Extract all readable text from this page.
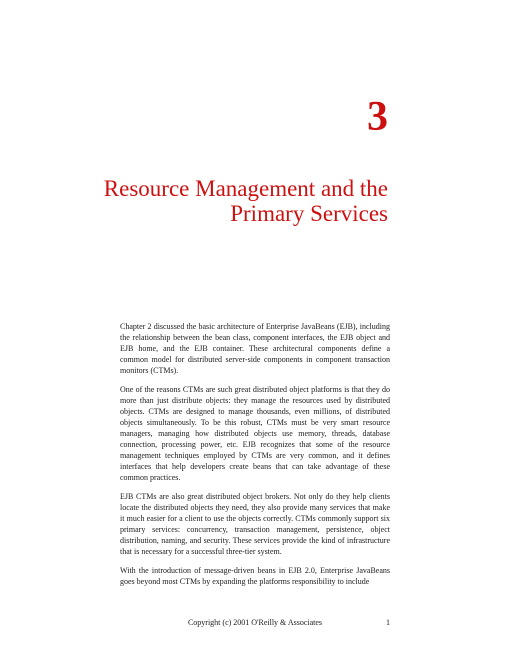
3
Resource Management and the
Primary Services

Chapter 2 discussed the basic architecture of Enterprise JavaBeans (EJB), including the relationship between the bean class, component interfaces, the EJB object and EJB home, and the EJB container. These architectural components define a common model for distributed server-side components in component transaction monitors (CTMs).

One of the reasons CTMs are such great distributed object platforms is that they do more than just distribute objects: they manage the resources used by distributed objects. CTMs are designed to manage thousands, even millions, of distributed objects simultaneously. To be this robust, CTMs must be very smart resource managers, managing how distributed objects use memory, threads, database connection, processing power, etc. EJB recognizes that some of the resource management techniques employed by CTMs are very common, and it defines interfaces that help developers create beans that can take advantage of these common practices.

EJB CTMs are also great distributed object brokers. Not only do they help clients locate the distributed objects they need, they also provide many services that make it much easier for a client to use the objects correctly. CTMs commonly support six primary services: concurrency, transaction management, persistence, object distribution, naming, and security. These services provide the kind of infrastructure that is necessary for a successful three-tier system.

With the introduction of message-driven beans in EJB 2.0, Enterprise JavaBeans goes beyond most CTMs by expanding the platforms responsibility to include

Copyright (c) 2001 O'Reilly & Associates	1
